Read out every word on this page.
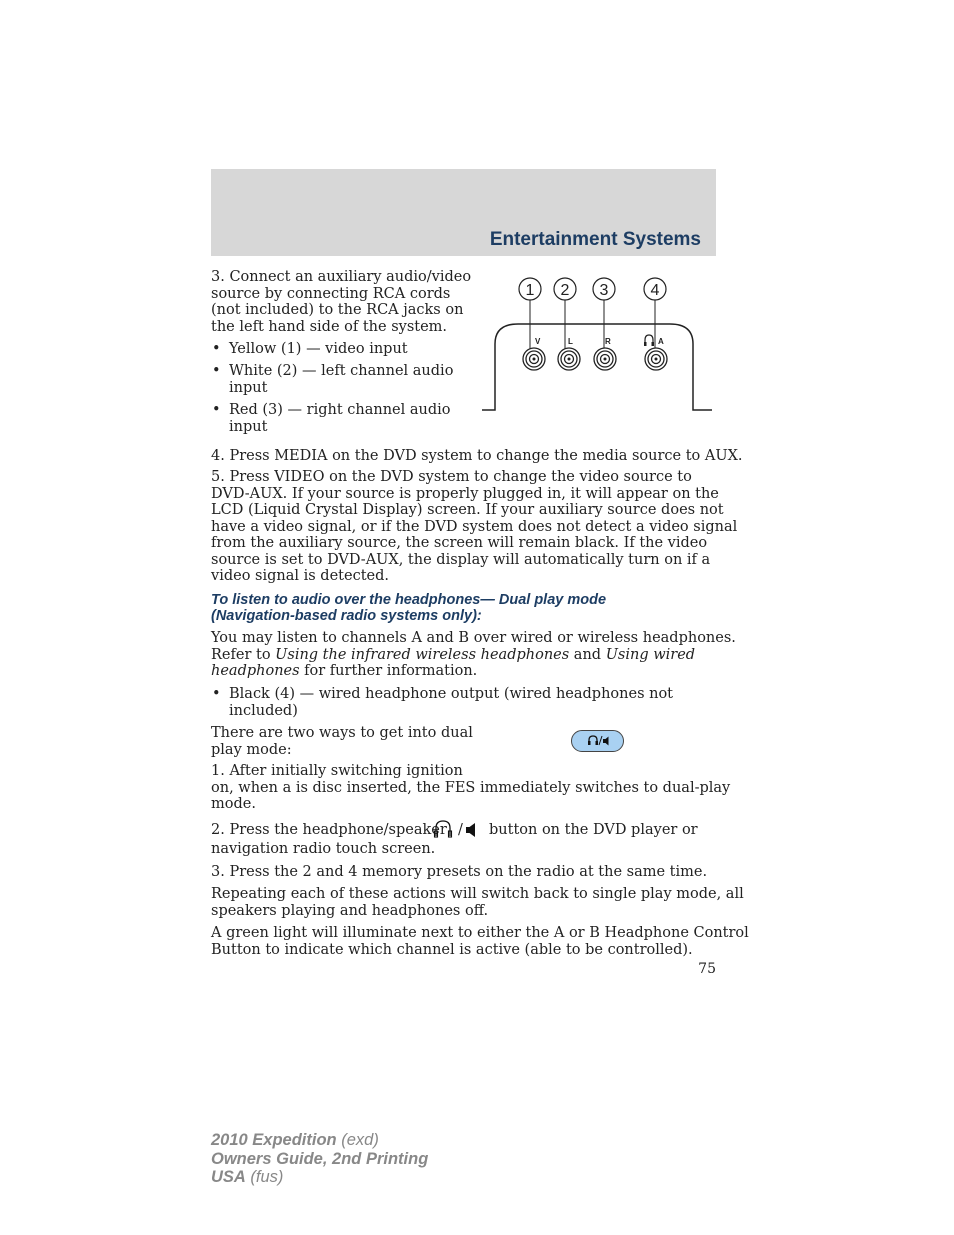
Entertainment Systems
3. Connect an auxiliary audio/video
source by connecting RCA cords
(not included) to the RCA jacks on
the left hand side of the system.
• Yellow (1) — video input
• White (2) — left channel audio
input
• Red (3) — right channel audio
input
1 2 3	4
V	L	R	A
4. Press MEDIA on the DVD system to change the media source to AUX.
5. Press VIDEO on the DVD system to change the video source to
DVD-AUX. If your source is properly plugged in, it will appear on the
LCD (Liquid Crystal Display) screen. If your auxiliary source does not
have a video signal, or if the DVD system does not detect a video signal
from the auxiliary source, the screen will remain black. If the video
source is set to DVD-AUX, the display will automatically turn on if a
video signal is detected.
To listen to audio over the headphones— Dual play mode
(Navigation-based radio systems only):
You may listen to channels A and B over wired or wireless headphones.
Refer to Using the infrared wireless headphones and Using wired
headphones for further information.
• Black (4) — wired headphone output (wired headphones not
included)
There are two ways to get into dual
play mode:
1. After initially switching ignition
on, when a is disc inserted, the FES immediately switches to dual-play
mode.
2. Press the headphone/speaker / button on the DVD player or
navigation radio touch screen.
3. Press the 2 and 4 memory presets on the radio at the same time.
Repeating each of these actions will switch back to single play mode, all
speakers playing and headphones off.
A green light will illuminate next to either the A or B Headphone Control
Button to indicate which channel is active (able to be controlled).
75
2010 Expedition (exd)
Owners Guide, 2nd Printing
USA (fus)
